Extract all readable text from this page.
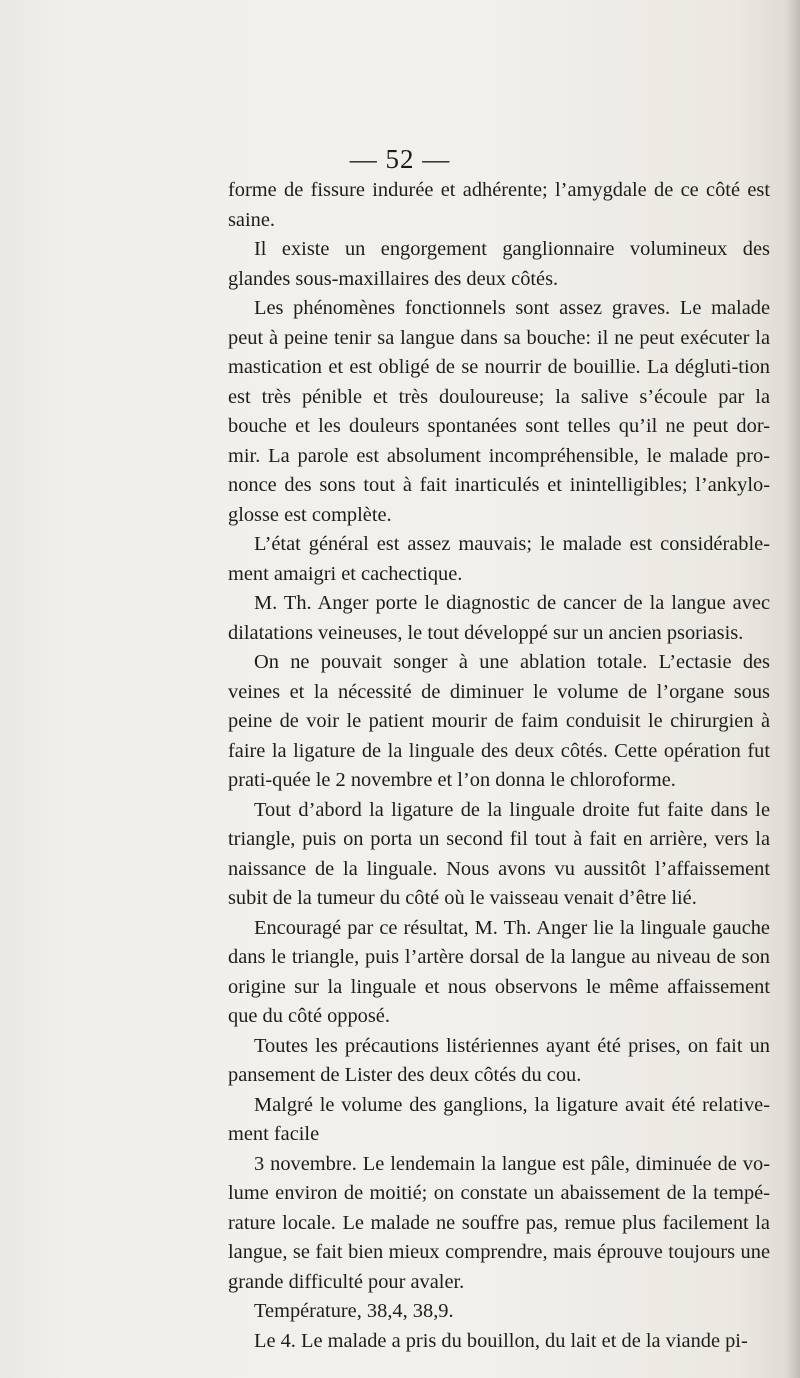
— 52 —

forme de fissure indurée et adhérente; l’amygdale de ce côté est saine.

Il existe un engorgement ganglionnaire volumineux des glandes sous-maxillaires des deux côtés.

Les phénomènes fonctionnels sont assez graves. Le malade peut à peine tenir sa langue dans sa bouche: il ne peut exécuter la mastication et est obligé de se nourrir de bouillie. La dégluti-tion est très pénible et très douloureuse; la salive s’écoule par la bouche et les douleurs spontanées sont telles qu’il ne peut dor-mir. La parole est absolument incompréhensible, le malade pro-nonce des sons tout à fait inarticulés et inintelligibles; l’ankylo-glosse est complète.

L’état général est assez mauvais; le malade est considérable-ment amaigri et cachectique.

M. Th. Anger porte le diagnostic de cancer de la langue avec dilatations veineuses, le tout développé sur un ancien psoriasis.

On ne pouvait songer à une ablation totale. L’ectasie des veines et la nécessité de diminuer le volume de l’organe sous peine de voir le patient mourir de faim conduisit le chirurgien à faire la ligature de la linguale des deux côtés. Cette opération fut prati-quée le 2 novembre et l’on donna le chloroforme.

Tout d’abord la ligature de la linguale droite fut faite dans le triangle, puis on porta un second fil tout à fait en arrière, vers la naissance de la linguale. Nous avons vu aussitôt l’affaissement subit de la tumeur du côté où le vaisseau venait d’être lié.

Encouragé par ce résultat, M. Th. Anger lie la linguale gauche dans le triangle, puis l’artère dorsal de la langue au niveau de son origine sur la linguale et nous observons le même affaissement que du côté opposé.

Toutes les précautions listériennes ayant été prises, on fait un pansement de Lister des deux côtés du cou.

Malgré le volume des ganglions, la ligature avait été relative-ment facile

3 novembre. Le lendemain la langue est pâle, diminuée de vo-lume environ de moitié; on constate un abaissement de la tempé-rature locale. Le malade ne souffre pas, remue plus facilement la langue, se fait bien mieux comprendre, mais éprouve toujours une grande difficulté pour avaler.

Température, 38,4, 38,9.

Le 4. Le malade a pris du bouillon, du lait et de la viande pi-
